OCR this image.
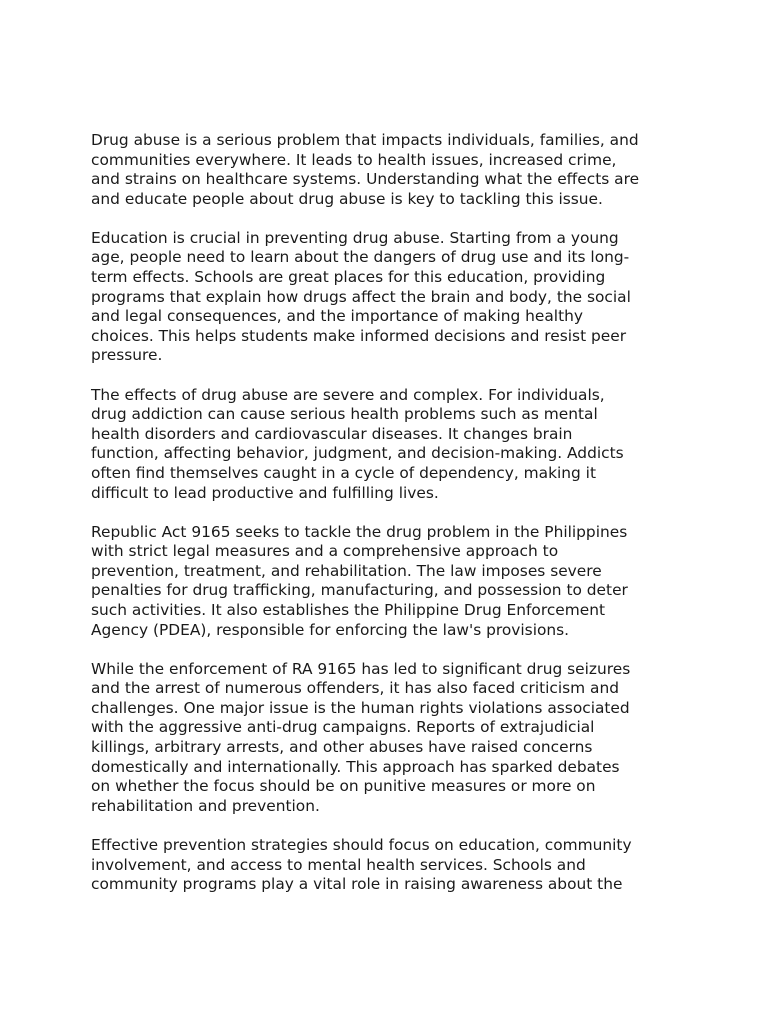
Drug abuse is a serious problem that impacts individuals, families, and
communities everywhere. It leads to health issues, increased crime,
and strains on healthcare systems. Understanding what the effects are
and educate people about drug abuse is key to tackling this issue.

Education is crucial in preventing drug abuse. Starting from a young
age, people need to learn about the dangers of drug use and its long-
term effects. Schools are great places for this education, providing
programs that explain how drugs affect the brain and body, the social
and legal consequences, and the importance of making healthy
choices. This helps students make informed decisions and resist peer
pressure.

The effects of drug abuse are severe and complex. For individuals,
drug addiction can cause serious health problems such as mental
health disorders and cardiovascular diseases. It changes brain
function, affecting behavior, judgment, and decision-making. Addicts
often find themselves caught in a cycle of dependency, making it
difficult to lead productive and fulfilling lives.

Republic Act 9165 seeks to tackle the drug problem in the Philippines
with strict legal measures and a comprehensive approach to
prevention, treatment, and rehabilitation. The law imposes severe
penalties for drug trafficking, manufacturing, and possession to deter
such activities. It also establishes the Philippine Drug Enforcement
Agency (PDEA), responsible for enforcing the law's provisions.

While the enforcement of RA 9165 has led to significant drug seizures
and the arrest of numerous offenders, it has also faced criticism and
challenges. One major issue is the human rights violations associated
with the aggressive anti-drug campaigns. Reports of extrajudicial
killings, arbitrary arrests, and other abuses have raised concerns
domestically and internationally. This approach has sparked debates
on whether the focus should be on punitive measures or more on
rehabilitation and prevention.

Effective prevention strategies should focus on education, community
involvement, and access to mental health services. Schools and
community programs play a vital role in raising awareness about the
